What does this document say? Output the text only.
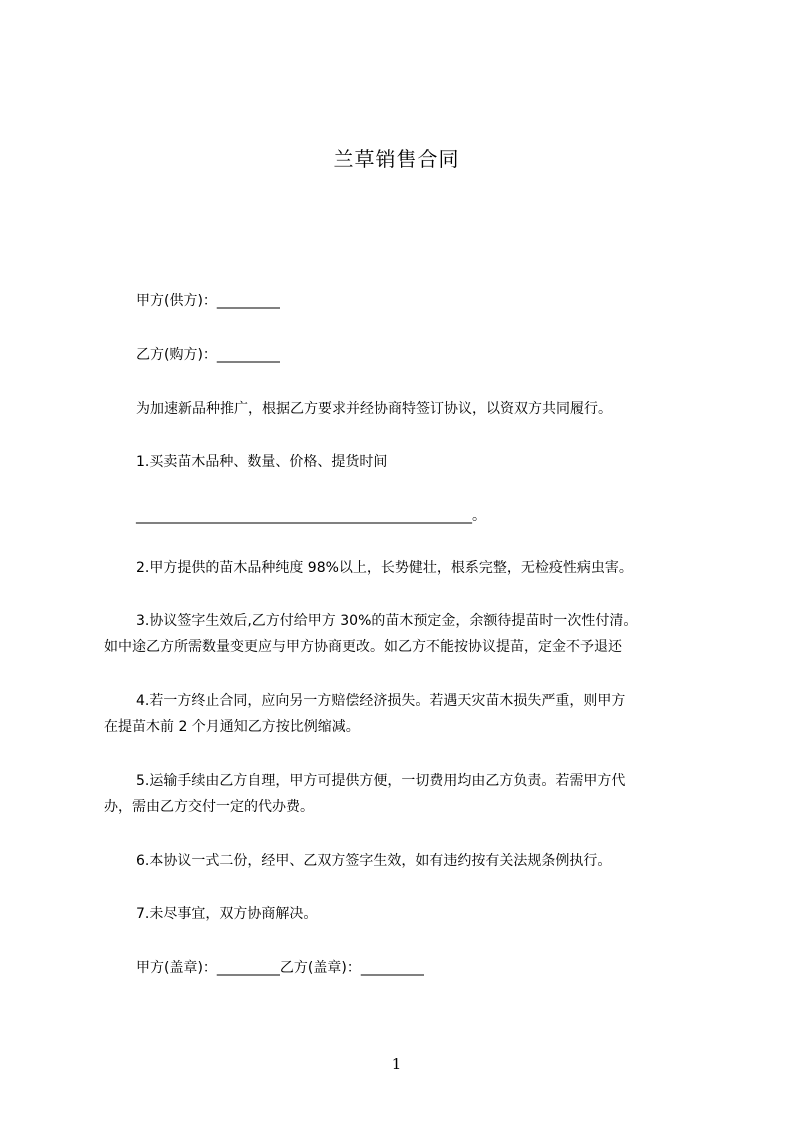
兰草销售合同
甲方(供方)：_________
乙方(购方)：_________
为加速新品种推广，根据乙方要求并经协商特签订协议，以资双方共同履行。
1.买卖苗木品种、数量、价格、提货时间
________________________________________________。
2.甲方提供的苗木品种纯度 98%以上，长势健壮，根系完整，无检疫性病虫害。
3.协议签字生效后,乙方付给甲方 30%的苗木预定金，余额待提苗时一次性付清。
如中途乙方所需数量变更应与甲方协商更改。如乙方不能按协议提苗，定金不予退还
4.若一方终止合同，应向另一方赔偿经济损失。若遇天灾苗木损失严重，则甲方
在提苗木前 2 个月通知乙方按比例缩减。
5.运输手续由乙方自理，甲方可提供方便，一切费用均由乙方负责。若需甲方代
办，需由乙方交付一定的代办费。
6.本协议一式二份，经甲、乙双方签字生效，如有违约按有关法规条例执行。
7.未尽事宜，双方协商解决。
甲方(盖章)：_________乙方(盖章)：_________
1
